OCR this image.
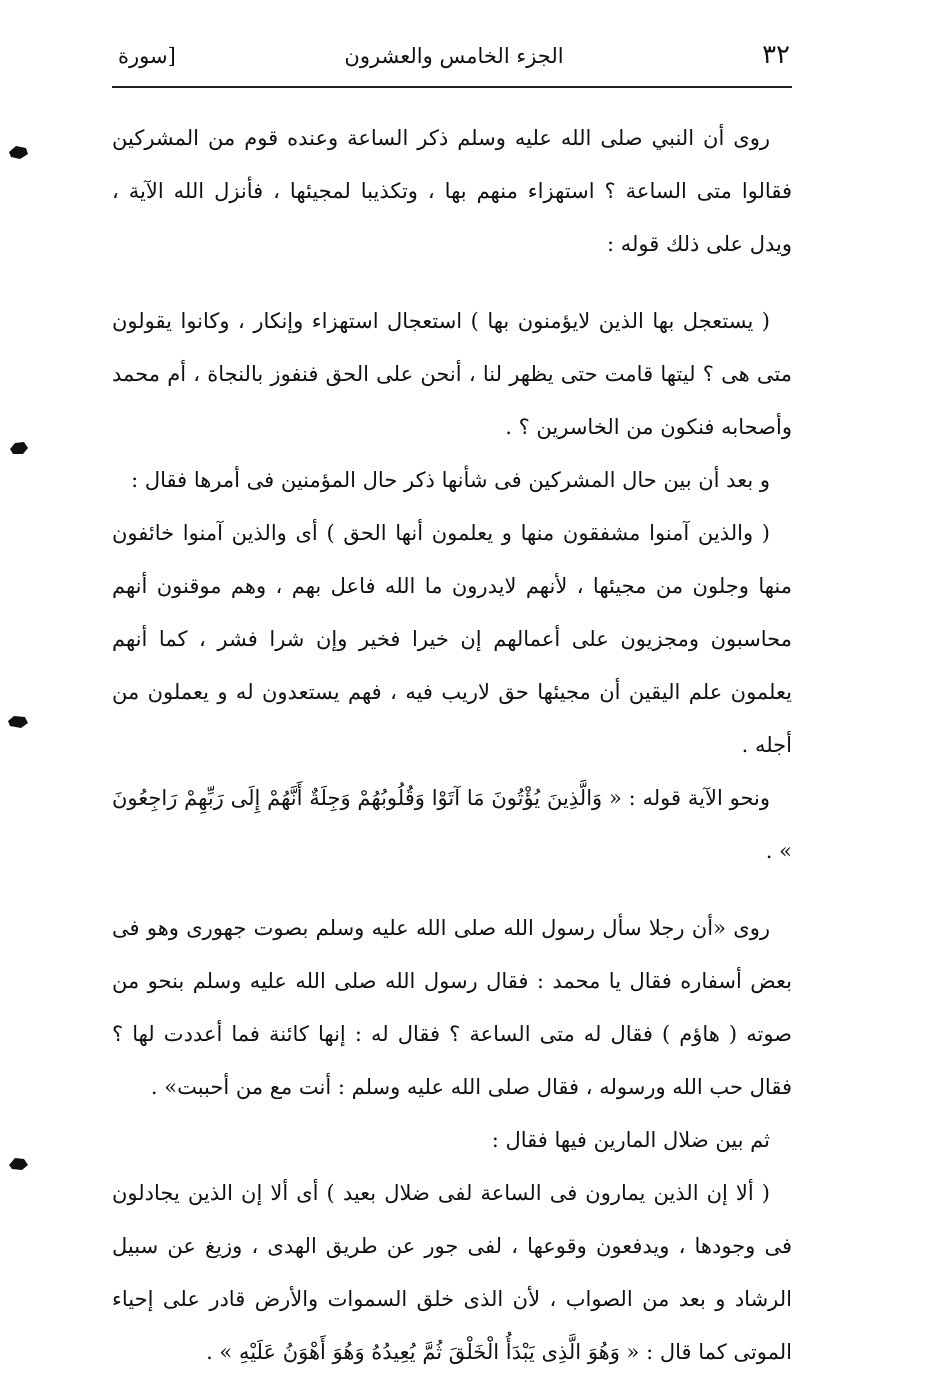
٣٢
الجزء الخامس والعشرون
[سورة

روى أن النبي صلى الله عليه وسلم ذكر الساعة وعنده قوم من المشركين فقالوا متى الساعة ؟ استهزاء منهم بها ، وتكذيبا لمجيئها ، فأنزل الله الآية ، ويدل على ذلك قوله :

( يستعجل بها الذين لايؤمنون بها ) استعجال استهزاء وإنكار ، وكانوا يقولون متى هى ؟ ليتها قامت حتى يظهر لنا ، أنحن على الحق فنفوز بالنجاة ، أم محمد وأصحابه فنكون من الخاسرين ؟ .

و بعد أن بين حال المشركين فى شأنها ذكر حال المؤمنين فى أمرها فقال :

( والذين آمنوا مشفقون منها و يعلمون أنها الحق ) أى والذين آمنوا خائفون منها وجلون من مجيئها ، لأنهم لايدرون ما الله فاعل بهم ، وهم موقنون أنهم محاسبون ومجزيون على أعمالهم إن خيرا فخير وإن شرا فشر ، كما أنهم يعلمون علم اليقين أن مجيئها حق لاريب فيه ، فهم يستعدون له و يعملون من أجله .

ونحو الآية قوله : « وَالَّذِينَ يُؤْتُونَ مَا آتَوْا وَقُلُوبُهُمْ وَجِلَةٌ أَنَّهُمْ إِلَى رَبِّهِمْ رَاجِعُونَ » .

روى «أن رجلا سأل رسول الله صلى الله عليه وسلم بصوت جهورى وهو فى بعض أسفاره فقال يا محمد : فقال رسول الله صلى الله عليه وسلم بنحو من صوته ( هاؤم ) فقال له متى الساعة ؟ فقال له : إنها كائنة فما أعددت لها ؟ فقال حب الله ورسوله ، فقال صلى الله عليه وسلم : أنت مع من أحببت» .

ثم بين ضلال المارين فيها فقال :

( ألا إن الذين يمارون فى الساعة لفى ضلال بعيد ) أى ألا إن الذين يجادلون فى وجودها ، ويدفعون وقوعها ، لفى جور عن طريق الهدى ، وزيغ عن سبيل الرشاد و بعد من الصواب ، لأن الذى خلق السموات والأرض قادر على إحياء الموتى كما قال : « وَهُوَ الَّذِى يَبْدَأُ الْخَلْقَ ثُمَّ يُعِيدُهُ وَهُوَ أَهْوَنُ عَلَيْهِ » .
